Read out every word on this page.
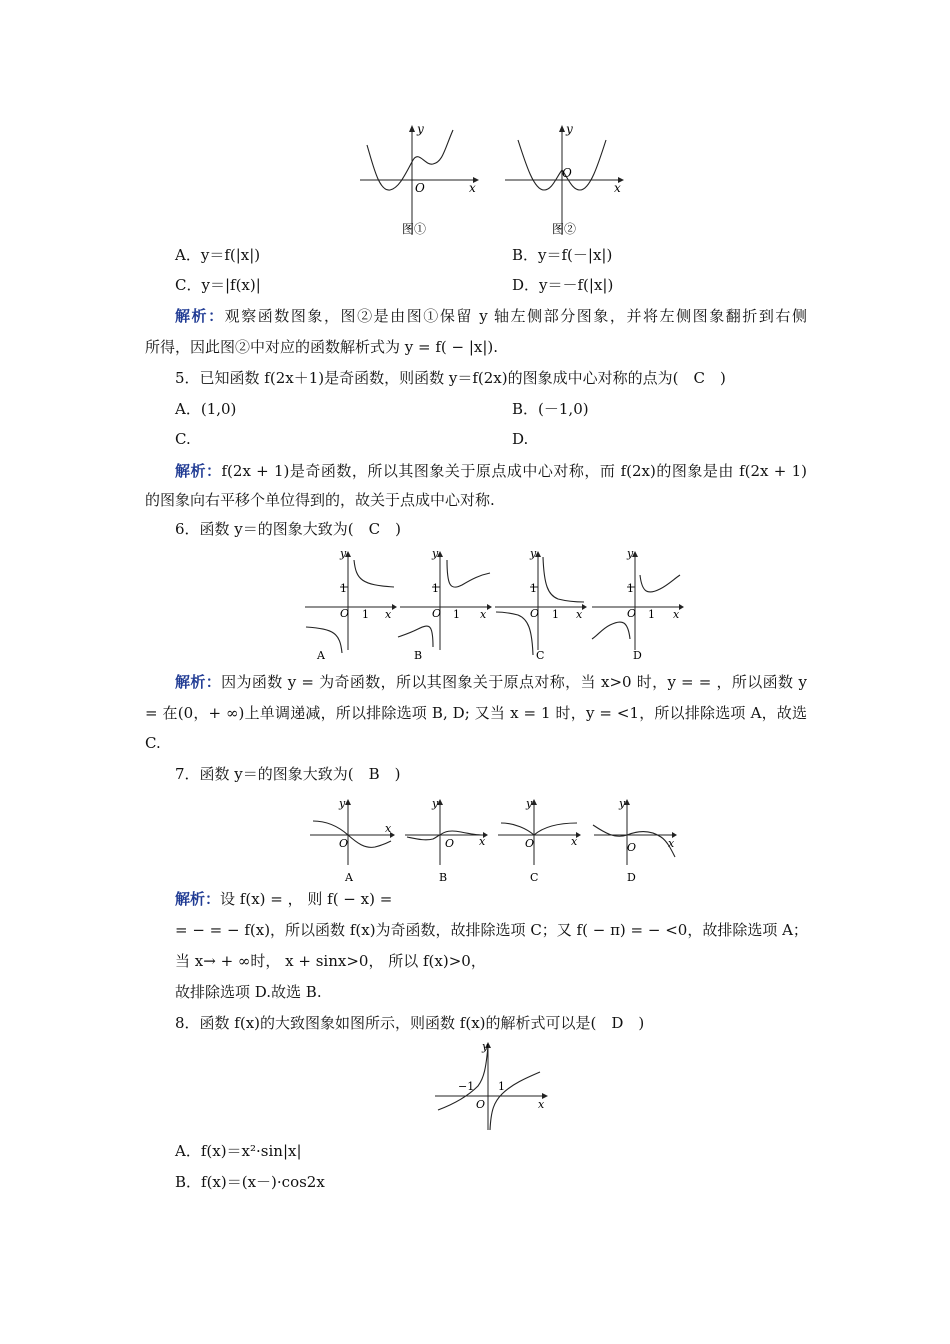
y
x
O
图①
y
x
O
图②
A．y＝f(|x|)	B．y＝f(－|x|)
C．y＝|f(x)|	D．y＝－f(|x|)
解析：观察函数图象，图②是由图①保留 y 轴左侧部分图象，并将左侧图象翻折到右侧
所得，因此图②中对应的函数解析式为 y = f( − |x|).
5．已知函数 f(2x＋1)是奇函数，则函数 y＝f(2x)的图象成中心对称的点为(　C　)
A．(1,0)	B．(－1,0)
C.	D.
解析：f(2x + 1)是奇函数，所以其图象关于原点成中心对称，而 f(2x)的图象是由 f(2x + 1)
的图象向右平移个单位得到的，故关于点成中心对称.
6．函数 y＝的图象大致为(　C　)
y
x
O
1
1
A
y
x
O
1
1
B
y
x
O
1
1
C
y
x
O
1
1
D
解析：因为函数 y = 为奇函数，所以其图象关于原点对称，当 x>0 时，y = = ，所以函数 y
= 在(0，+ ∞)上单调递减，所以排除选项 B, D; 又当 x = 1 时，y = <1，所以排除选项 A，故选
C.
7．函数 y＝的图象大致为(　B　)
y
x
O
A
y
x
O
B
y
x
O
C
y
x
O
D
解析：设 f(x) = ， 则 f( − x) =
= − = − f(x)，所以函数 f(x)为奇函数，故排除选项 C；又 f( − π) = − <0，故排除选项 A；
当 x→ + ∞时， x + sinx>0， 所以 f(x)>0，
故排除选项 D.故选 B.
8．函数 f(x)的大致图象如图所示，则函数 f(x)的解析式可以是(　D　)
y
x
O
−1 1
A．f(x)＝x²·sin|x|
B．f(x)＝(x－)·cos2x
